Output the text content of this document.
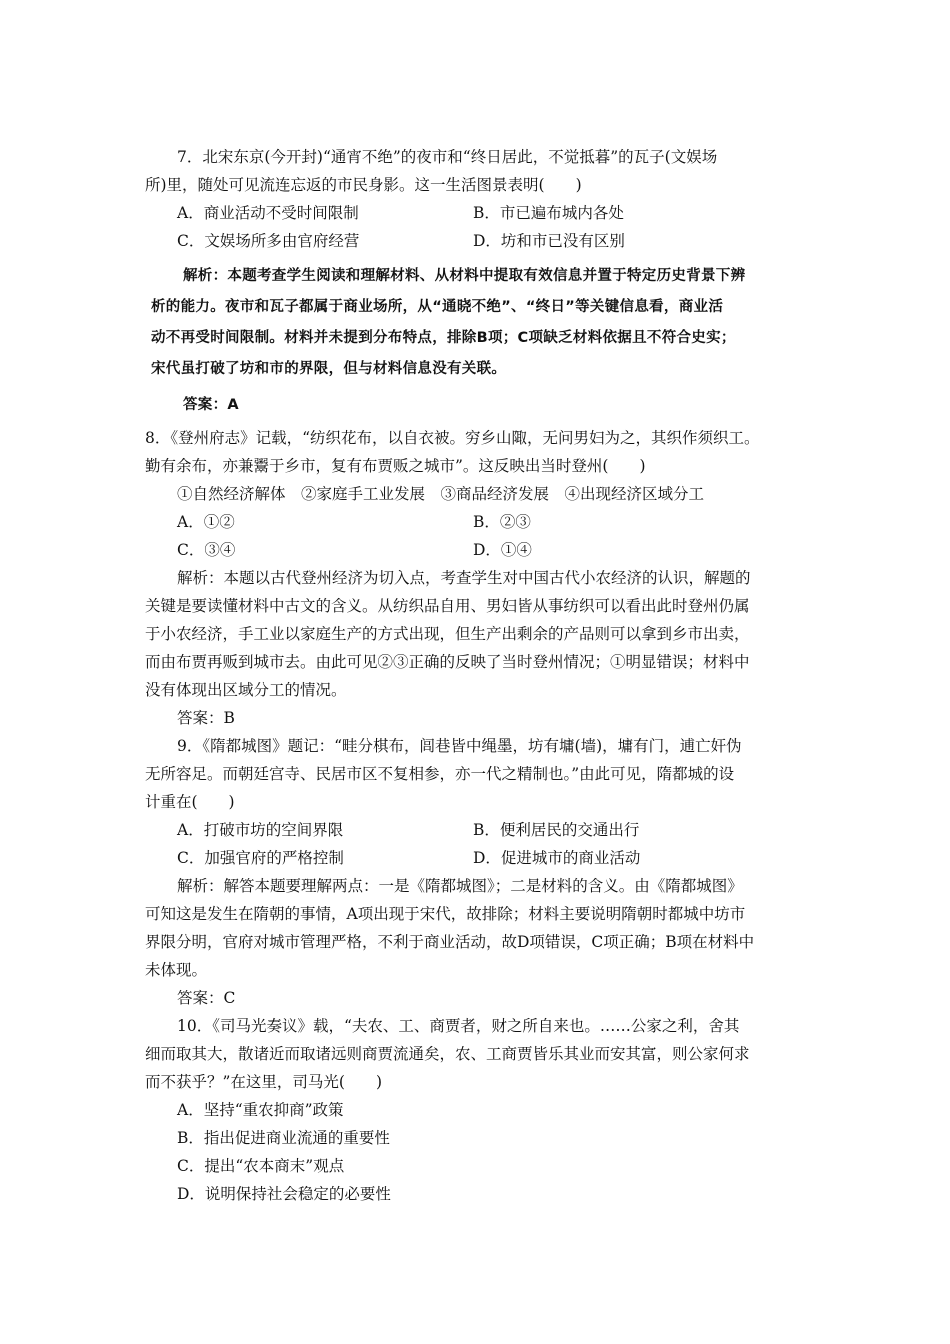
7．北宋东京(今开封)“通宵不绝”的夜市和“终日居此，不觉抵暮”的瓦子(文娱场
所)里，随处可见流连忘返的市民身影。这一生活图景表明(　　)
A．商业活动不受时间限制	B．市已遍布城内各处
C．文娱场所多由官府经营	D．坊和市已没有区别
解析：本题考查学生阅读和理解材料、从材料中提取有效信息并置于特定历史背景下辨
析的能力。夜市和瓦子都属于商业场所，从“通晓不绝”、“终日”等关键信息看，商业活
动不再受时间限制。材料并未提到分布特点，排除B项；C项缺乏材料依据且不符合史实；
宋代虽打破了坊和市的界限，但与材料信息没有关联。
答案：A
8．《登州府志》记载，“纺织花布，以自衣被。穷乡山陬，无问男妇为之，其织作须织工。
勤有余布，亦兼鬻于乡市，复有布贾贩之城市”。这反映出当时登州(　　)
①自然经济解体　②家庭手工业发展　③商品经济发展　④出现经济区域分工
A．①②	B．②③
C．③④	D．①④
解析：本题以古代登州经济为切入点，考查学生对中国古代小农经济的认识，解题的
关键是要读懂材料中古文的含义。从纺织品自用、男妇皆从事纺织可以看出此时登州仍属
于小农经济，手工业以家庭生产的方式出现，但生产出剩余的产品则可以拿到乡市出卖，
而由布贾再贩到城市去。由此可见②③正确的反映了当时登州情况；①明显错误；材料中
没有体现出区域分工的情况。
答案：B
9．《隋都城图》题记：“畦分棋布，闾巷皆中绳墨，坊有墉(墙)，墉有门，逋亡奸伪
无所容足。而朝廷宫寺、民居市区不复相参，亦一代之精制也。”由此可见，隋都城的设
计重在(　　)
A．打破市坊的空间界限	B．便利居民的交通出行
C．加强官府的严格控制	D．促进城市的商业活动
解析：解答本题要理解两点：一是《隋都城图》；二是材料的含义。由《隋都城图》
可知这是发生在隋朝的事情，A项出现于宋代，故排除；材料主要说明隋朝时都城中坊市
界限分明，官府对城市管理严格，不利于商业活动，故D项错误，C项正确；B项在材料中
未体现。
答案：C
10．《司马光奏议》载，“夫农、工、商贾者，财之所自来也。……公家之利，舍其
细而取其大，散诸近而取诸远则商贾流通矣，农、工商贾皆乐其业而安其富，则公家何求
而不获乎？”在这里，司马光(　　)
A．坚持“重农抑商”政策
B．指出促进商业流通的重要性
C．提出“农本商末”观点
D．说明保持社会稳定的必要性
